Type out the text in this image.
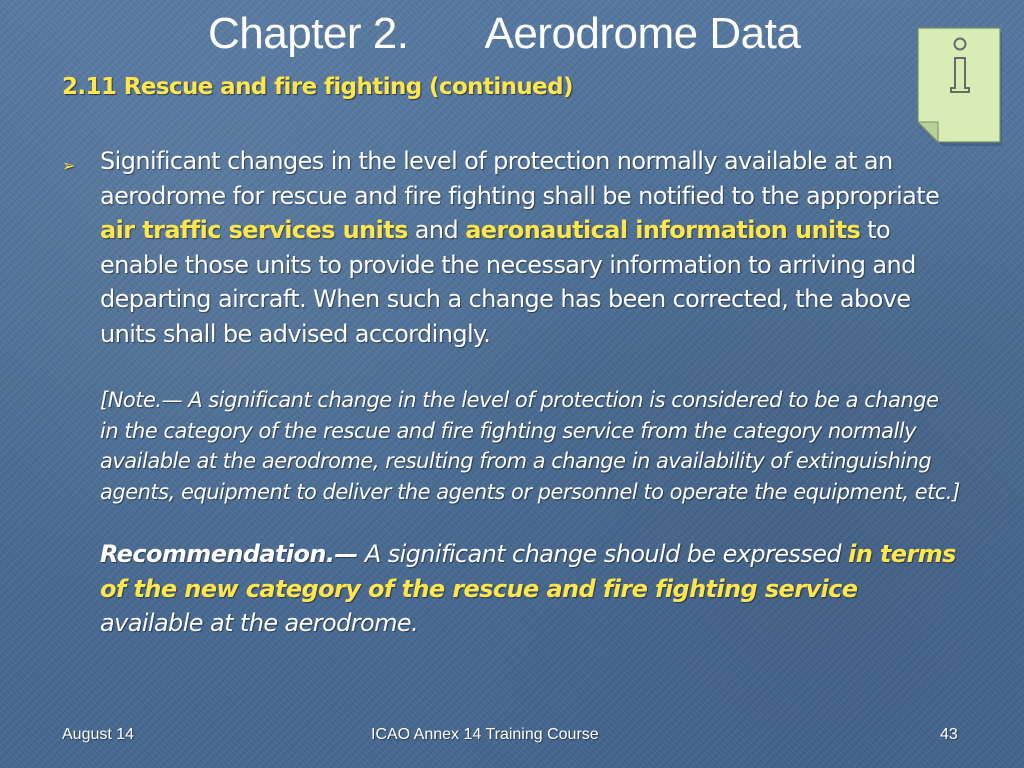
Chapter 2. Aerodrome Data
2.11 Rescue and fire fighting (continued)
➢ Significant changes in the level of protection normally available at an aerodrome for rescue and fire fighting shall be notified to the appropriate air traffic services units and aeronautical information units to enable those units to provide the necessary information to arriving and departing aircraft. When such a change has been corrected, the above units shall be advised accordingly.
[Note.— A significant change in the level of protection is considered to be a change in the category of the rescue and fire fighting service from the category normally available at the aerodrome, resulting from a change in availability of extinguishing agents, equipment to deliver the agents or personnel to operate the equipment, etc.]
Recommendation.— A significant change should be expressed in terms of the new category of the rescue and fire fighting service available at the aerodrome.
August 14	ICAO Annex 14 Training Course	43
